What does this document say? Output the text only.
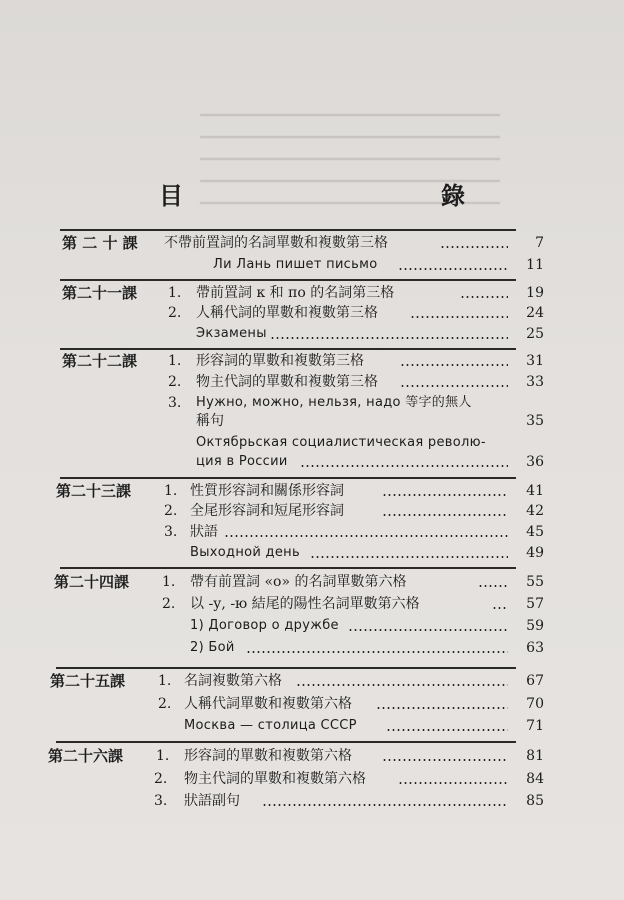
目　　錄
第 二 十 課 不帶前置詞的名詞單數和複數第三格	7
Ли Лань пишет письмо	11
第二十一課 1. 帶前置詞 к 和 по 的名詞第三格	19
2. 人稱代詞的單數和複數第三格	24
Экзамены	25
第二十二課 1. 形容詞的單數和複數第三格	31
2. 物主代詞的單數和複數第三格	33
3. Нужно, можно, нельзя, надо 等字的無人
稱句	35
Октябрьская социалистическая револю-
ция в России	36
第二十三課 1. 性質形容詞和關係形容詞	41
2. 全尾形容詞和短尾形容詞	42
3. 狀語	45
Выходной день	49
第二十四課 1. 帶有前置詞 «о» 的名詞單數第六格	55
2. 以 -у, -ю 結尾的陽性名詞單數第六格	57
1) Договор о дружбе	59
2) Бой	63
第二十五課 1. 名詞複數第六格	67
2. 人稱代詞單數和複數第六格	70
Москва — столица СССР	71
第二十六課 1. 形容詞的單數和複數第六格	81
2. 物主代詞的單數和複數第六格	84
3. 狀語副句	85
